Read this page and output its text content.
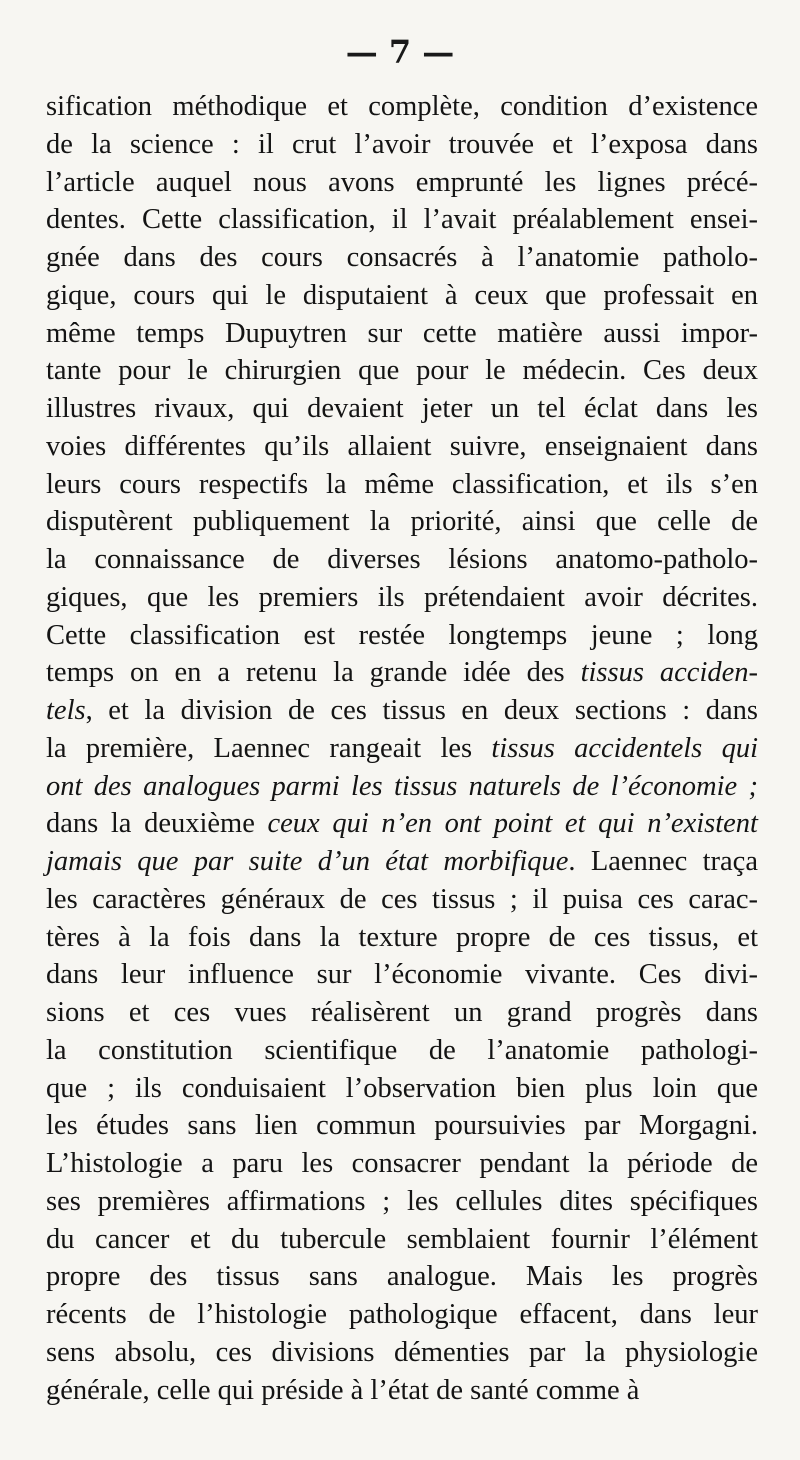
— 7 —
sification méthodique et complète, condition d’existence
de la science : il crut l’avoir trouvée et l’exposa dans
l’article auquel nous avons emprunté les lignes précé-
dentes. Cette classification, il l’avait préalablement ensei-
gnée dans des cours consacrés à l’anatomie patholo-
gique, cours qui le disputaient à ceux que professait en
même temps Dupuytren sur cette matière aussi impor-
tante pour le chirurgien que pour le médecin. Ces deux
illustres rivaux, qui devaient jeter un tel éclat dans les
voies différentes qu’ils allaient suivre, enseignaient dans
leurs cours respectifs la même classification, et ils s’en
disputèrent publiquement la priorité, ainsi que celle de
la connaissance de diverses lésions anatomo-patholo-
giques, que les premiers ils prétendaient avoir décrites.
Cette classification est restée longtemps jeune ; long
temps on en a retenu la grande idée des tissus acciden-
tels, et la division de ces tissus en deux sections : dans
la première, Laennec rangeait les tissus accidentels qui
ont des analogues parmi les tissus naturels de l’économie ;
dans la deuxième ceux qui n’en ont point et qui n’existent
jamais que par suite d’un état morbifique. Laennec traça
les caractères généraux de ces tissus ; il puisa ces carac-
tères à la fois dans la texture propre de ces tissus, et
dans leur influence sur l’économie vivante. Ces divi-
sions et ces vues réalisèrent un grand progrès dans
la constitution scientifique de l’anatomie pathologi-
que ; ils conduisaient l’observation bien plus loin que
les études sans lien commun poursuivies par Morgagni.
L’histologie a paru les consacrer pendant la période de
ses premières affirmations ; les cellules dites spécifiques
du cancer et du tubercule semblaient fournir l’élément
propre des tissus sans analogue. Mais les progrès
récents de l’histologie pathologique effacent, dans leur
sens absolu, ces divisions démenties par la physiologie
générale, celle qui préside à l’état de santé comme à
